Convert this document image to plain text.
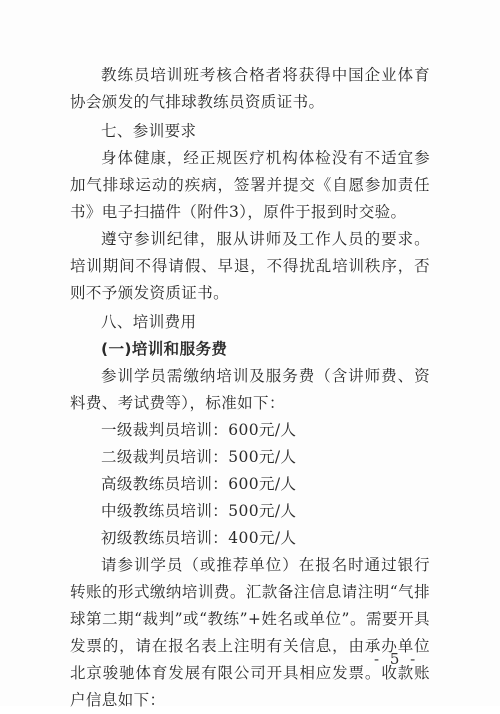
教练员培训班考核合格者将获得中国企业体育协会颁发的气排球教练员资质证书。

七、参训要求

身体健康，经正规医疗机构体检没有不适宜参加气排球运动的疾病，签署并提交《自愿参加责任书》电子扫描件（附件3），原件于报到时交验。

遵守参训纪律，服从讲师及工作人员的要求。培训期间不得请假、早退，不得扰乱培训秩序，否则不予颁发资质证书。

八、培训费用

(一)培训和服务费

参训学员需缴纳培训及服务费（含讲师费、资料费、考试费等），标准如下：

一级裁判员培训：600元/人

二级裁判员培训：500元/人

高级教练员培训：600元/人

中级教练员培训：500元/人

初级教练员培训：400元/人

请参训学员（或推荐单位）在报名时通过银行转账的形式缴纳培训费。汇款备注信息请注明“气排球第二期“裁判”或“教练”+姓名或单位”。需要开具发票的，请在报名表上注明有关信息，由承办单位北京骏驰体育发展有限公司开具相应发票。收款账户信息如下：

- 5 -
